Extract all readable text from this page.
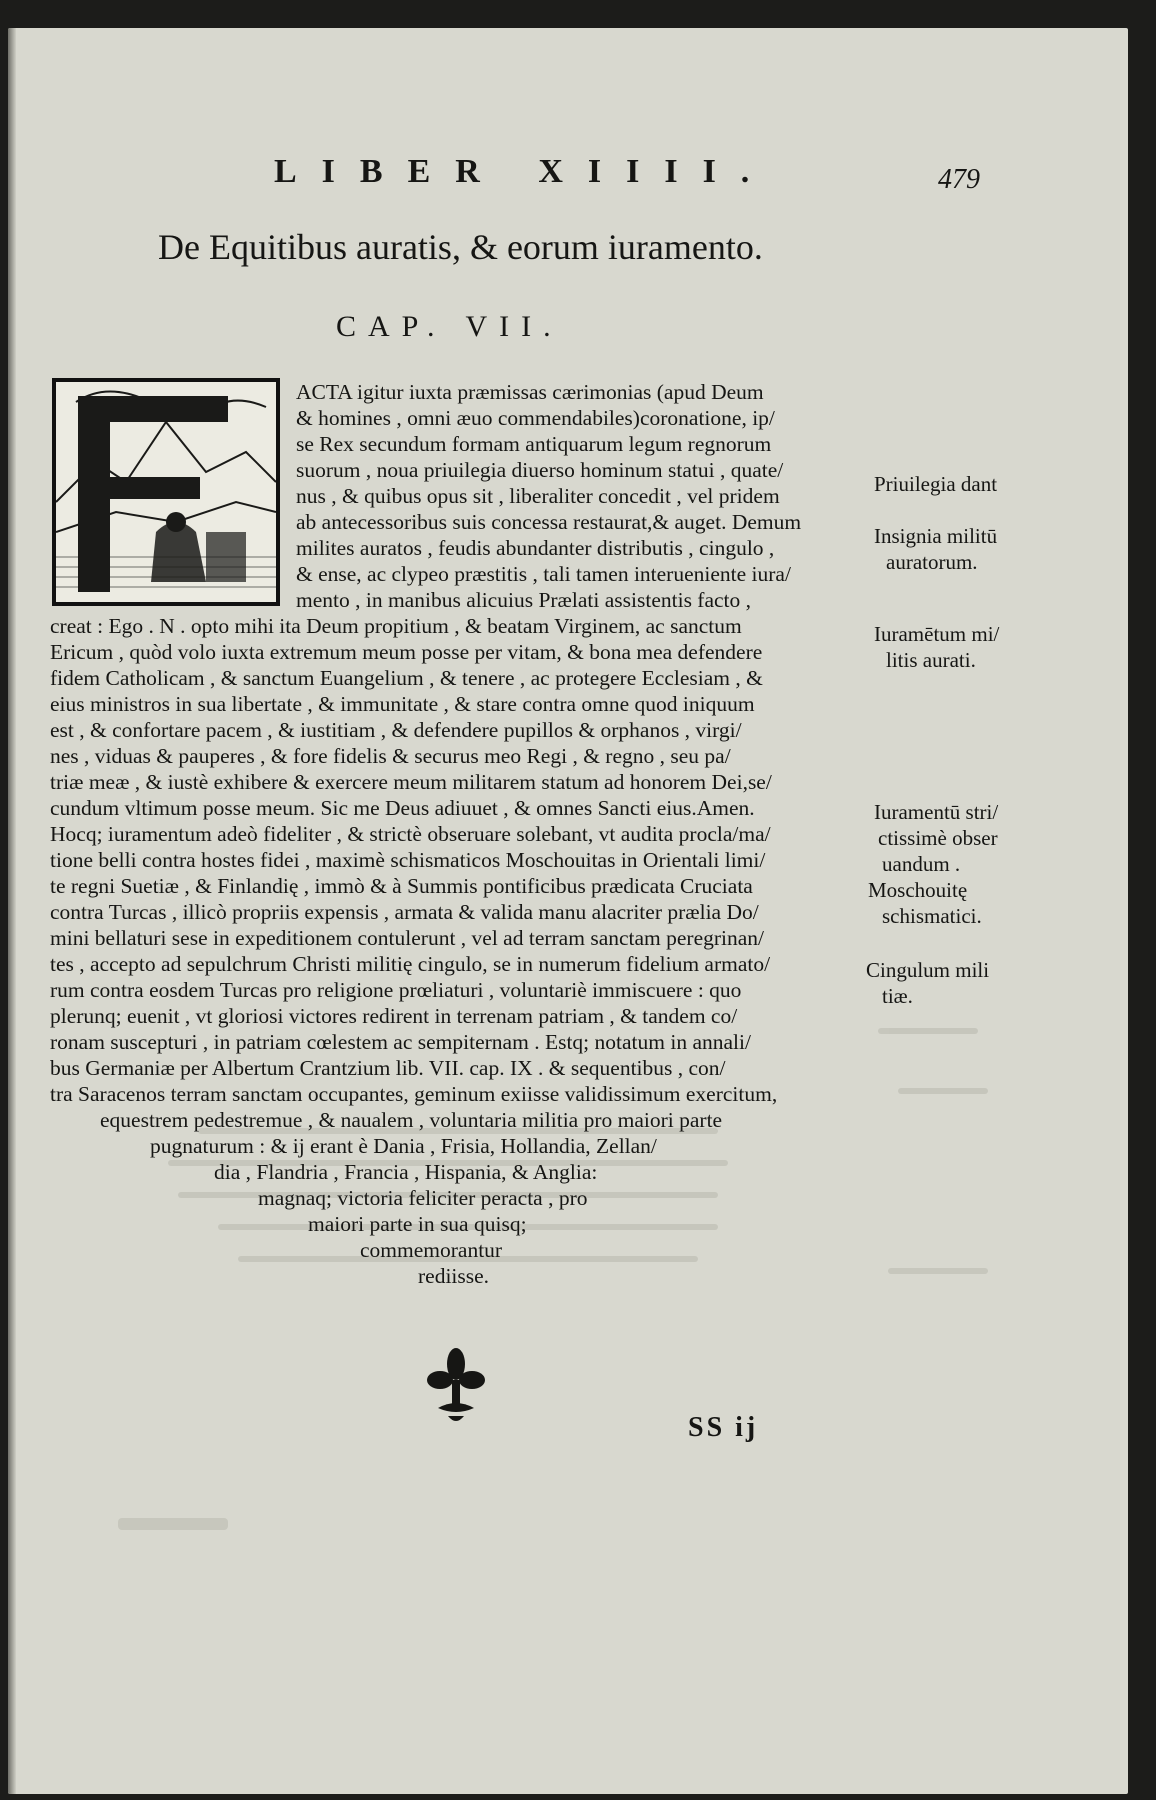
LIBER XIIII.	479
De Equitibus auratis, & eorum iuramento.
CAP. VII.
ACTA igitur iuxta præmissas cærimonias (apud Deum
& homines , omni æuo commendabiles)coronatione, ip/
se Rex secundum formam antiquarum legum regnorum
suorum , noua priuilegia diuerso hominum statui , quate/
nus , & quibus opus sit , liberaliter concedit , vel pridem
ab antecessoribus suis concessa restaurat,& auget. Demum
milites auratos , feudis abundanter distributis , cingulo ,
& ense, ac clypeo præstitis , tali tamen interueniente iura/
mento , in manibus alicuius Prælati assistentis facto ,
creat : Ego . N . opto mihi ita Deum propitium , & beatam Virginem, ac sanctum
Ericum , quòd volo iuxta extremum meum posse per vitam, & bona mea defendere
fidem Catholicam , & sanctum Euangelium , & tenere , ac protegere Ecclesiam , &
eius ministros in sua libertate , & immunitate , & stare contra omne quod iniquum
est , & confortare pacem , & iustitiam , & defendere pupillos & orphanos , virgi/
nes , viduas & pauperes , & fore fidelis & securus meo Regi , & regno , seu pa/
triæ meæ , & iustè exhibere & exercere meum militarem statum ad honorem Dei,se/
cundum vltimum posse meum. Sic me Deus adiuuet , & omnes Sancti eius.Amen.
Hocq; iuramentum adeò fideliter , & strictè obseruare solebant, vt audita procla/ma/
tione belli contra hostes fidei , maximè schismaticos Moschouitas in Orientali limi/
te regni Suetiæ , & Finlandię , immò & à Summis pontificibus prædicata Cruciata
contra Turcas , illicò propriis expensis , armata & valida manu alacriter prælia Do/
mini bellaturi sese in expeditionem contulerunt , vel ad terram sanctam peregrinan/
tes , accepto ad sepulchrum Christi militię cingulo, se in numerum fidelium armato/
rum contra eosdem Turcas pro religione prœliaturi , voluntariè immiscuere : quo
plerunq; euenit , vt gloriosi victores redirent in terrenam patriam , & tandem co/
ronam suscepturi , in patriam cœlestem ac sempiternam . Estq; notatum in annali/
bus Germaniæ per Albertum Crantzium lib. VII. cap. IX . & sequentibus , con/
tra Saracenos terram sanctam occupantes, geminum exiisse validissimum exercitum,
equestrem pedestremue , & naualem , voluntaria militia pro maiori parte
pugnaturum : & ij erant è Dania , Frisia, Hollandia, Zellan/
dia , Flandria , Francia , Hispania, & Anglia:
magnaq; victoria feliciter peracta , pro
maiori parte in sua quisq;
commemorantur
rediisse.
Priuilegia dant
Insignia militū
auratorum.
Iuramētum mi/
litis aurati.
Iuramentū stri/
ctissimè obser
uandum .
Moschouitę
schismatici.
Cingulum mili
tiæ.
SS ij
